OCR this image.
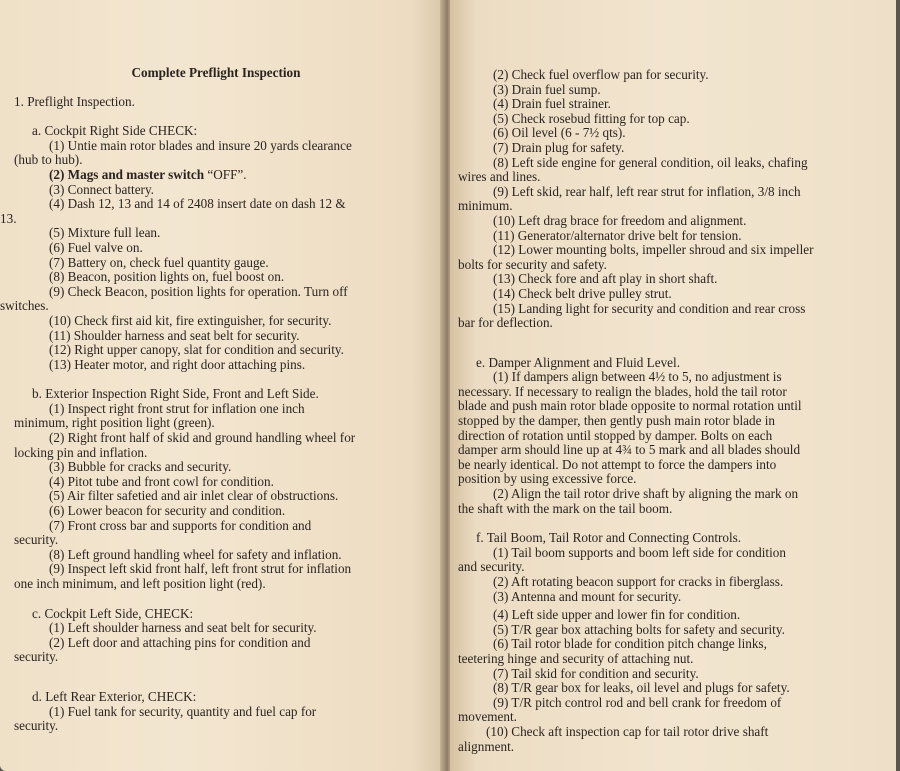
Complete Preflight Inspection
1. Preflight Inspection.
a. Cockpit Right Side CHECK:
(1) Untie main rotor blades and insure 20 yards clearance
(hub to hub).
(2) Mags and master switch “OFF”.
(3) Connect battery.
(4) Dash 12, 13 and 14 of 2408 insert date on dash 12 &
13.
(5) Mixture full lean.
(6) Fuel valve on.
(7) Battery on, check fuel quantity gauge.
(8) Beacon, position lights on, fuel boost on.
(9) Check Beacon, position lights for operation. Turn off
switches.
(10) Check first aid kit, fire extinguisher, for security.
(11) Shoulder harness and seat belt for security.
(12) Right upper canopy, slat for condition and security.
(13) Heater motor, and right door attaching pins.
b. Exterior Inspection Right Side, Front and Left Side.
(1) Inspect right front strut for inflation one inch
minimum, right position light (green).
(2) Right front half of skid and ground handling wheel for
locking pin and inflation.
(3) Bubble for cracks and security.
(4) Pitot tube and front cowl for condition.
(5) Air filter safetied and air inlet clear of obstructions.
(6) Lower beacon for security and condition.
(7) Front cross bar and supports for condition and
security.
(8) Left ground handling wheel for safety and inflation.
(9) Inspect left skid front half, left front strut for inflation
one inch minimum, and left position light (red).
c. Cockpit Left Side, CHECK:
(1) Left shoulder harness and seat belt for security.
(2) Left door and attaching pins for condition and
security.
d. Left Rear Exterior, CHECK:
(1) Fuel tank for security, quantity and fuel cap for
security.
(2) Check fuel overflow pan for security.
(3) Drain fuel sump.
(4) Drain fuel strainer.
(5) Check rosebud fitting for top cap.
(6) Oil level (6 - 7½ qts).
(7) Drain plug for safety.
(8) Left side engine for general condition, oil leaks, chafing
wires and lines.
(9) Left skid, rear half, left rear strut for inflation, 3/8 inch
minimum.
(10) Left drag brace for freedom and alignment.
(11) Generator/alternator drive belt for tension.
(12) Lower mounting bolts, impeller shroud and six impeller
bolts for security and safety.
(13) Check fore and aft play in short shaft.
(14) Check belt drive pulley strut.
(15) Landing light for security and condition and rear cross
bar for deflection.
e. Damper Alignment and Fluid Level.
(1) If dampers align between 4½ to 5, no adjustment is
necessary. If necessary to realign the blades, hold the tail rotor
blade and push main rotor blade opposite to normal rotation until
stopped by the damper, then gently push main rotor blade in
direction of rotation until stopped by damper. Bolts on each
damper arm should line up at 4¾ to 5 mark and all blades should
be nearly identical. Do not attempt to force the dampers into
position by using excessive force.
(2) Align the tail rotor drive shaft by aligning the mark on
the shaft with the mark on the tail boom.
f. Tail Boom, Tail Rotor and Connecting Controls.
(1) Tail boom supports and boom left side for condition
and security.
(2) Aft rotating beacon support for cracks in fiberglass.
(3) Antenna and mount for security.
(4) Left side upper and lower fin for condition.
(5) T/R gear box attaching bolts for safety and security.
(6) Tail rotor blade for condition pitch change links,
teetering hinge and security of attaching nut.
(7) Tail skid for condition and security.
(8) T/R gear box for leaks, oil level and plugs for safety.
(9) T/R pitch control rod and bell crank for freedom of
movement.
(10) Check aft inspection cap for tail rotor drive shaft
alignment.
